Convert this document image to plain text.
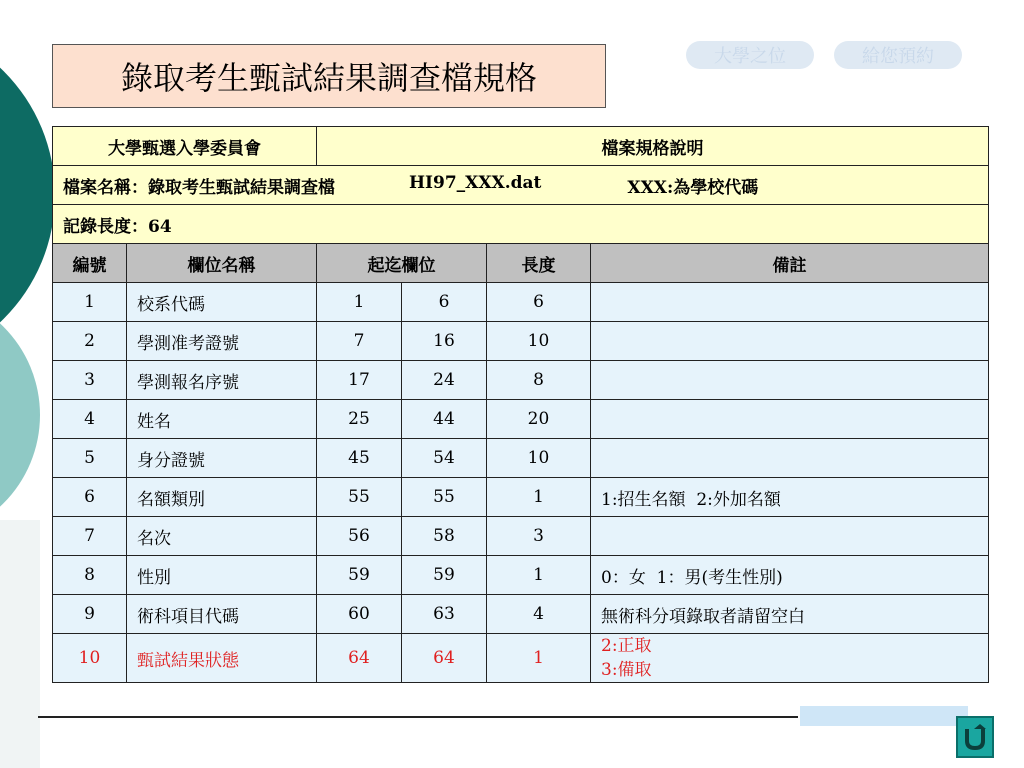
錄取考生甄試結果調查檔規格
大學之位	給您預約
大學甄選入學委員會		檔案規格說明			

檔案名稱：錄取考生甄試結果調查檔 HI97_XXX.dat XXX:為學校代碼					

記錄長度：64					
編號	欄位名稱	起迄欄位		長度	備註
1	校系代碼	1	6	6	
2	學測准考證號	7	16	10	
3	學測報名序號	17	24	8	
4	姓名	25	44	20	
5	身分證號	45	54	10	
6	名額類別	55	55	1	1:招生名額  2:外加名額
7	名次	56	58	3	
8	性別	59	59	1	0：女  1：男(考生性別)
9	術科項目代碼	60	63	4	無術科分項錄取者請留空白
10	甄試結果狀態	64	64	1	2:正取
3:備取
